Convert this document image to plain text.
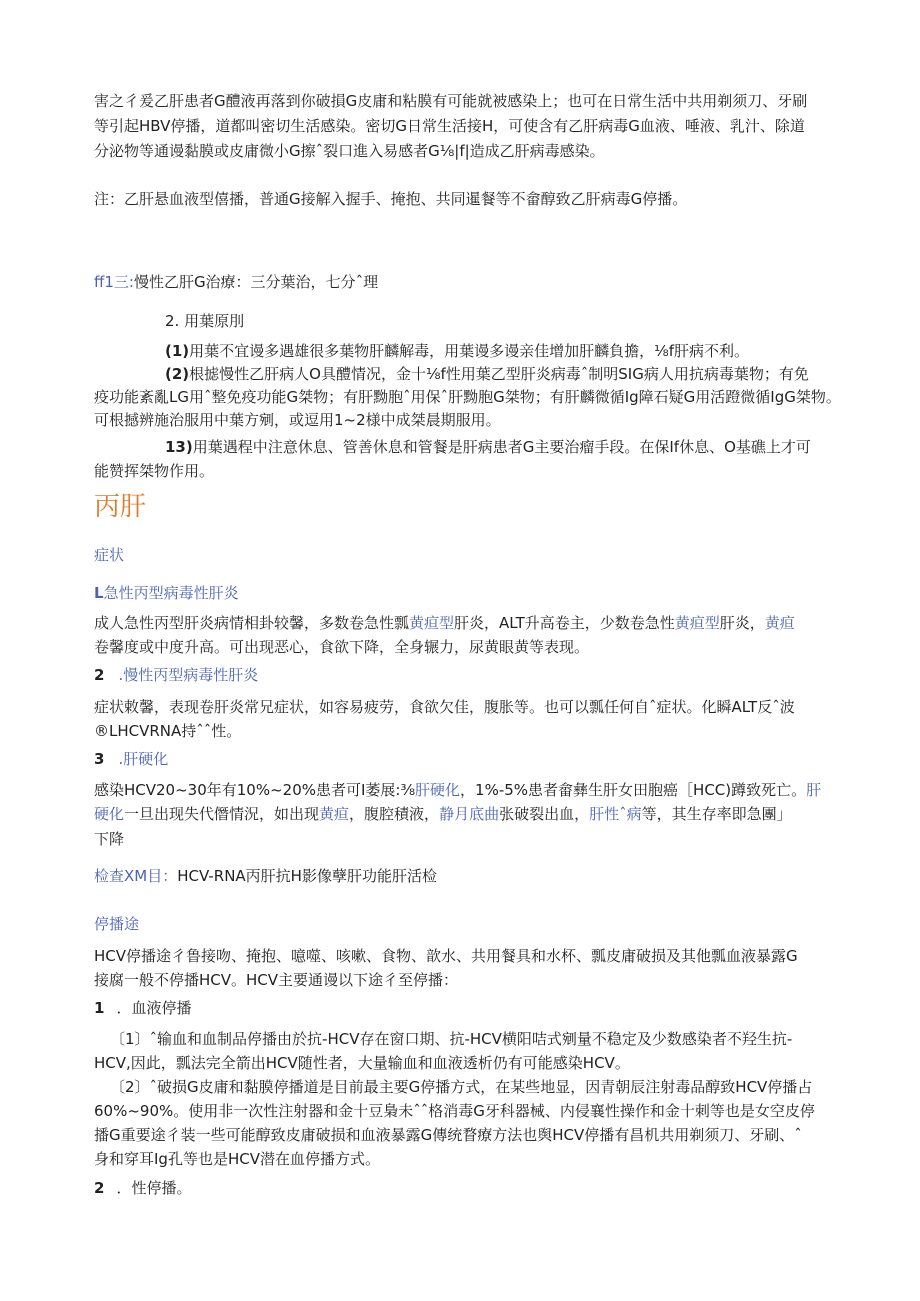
害之彳爰乙肝患者G醴液再落到你破損G皮庸和粘膜有可能就被感染上；也可在日常生活中共用剃须刀、牙刷
等引起HBV停播，道都叫密切生活感染。密切G日常生活接H，可使含有乙肝病毒G血液、唾液、乳汁、除道
分泌物等通谩黏膜或皮庸微小G擦ˆ裂口進入易感者G⅛|f|造成乙肝病毒感染。
注：乙肝悬血液型僖播，普通G接解入握手、掩抱、共同暹餐等不畲醇致乙肝病毒G停播。
ff1三:慢性乙肝G治療：三分葉治，七分ˆ理
2. 用葉原刖
(1)用葉不宜谩多遇雄很多葉物肝麟解毒，用葉谩多谩亲佳增加肝麟負擔，⅛f肝病不利。
(2)根摅慢性乙肝病人O具醴情况，金十⅛f性用葉乙型肝炎病毒ˆ制明SIG病人用抗病毒葉物；有免
疫功能紊亂LG用ˆ整免疫功能G桀物；有肝黝胞ˆ用保ˆ肝黝胞G桀物；有肝麟微循Ig障石疑G用活蹬微循IgG桀物。
可根撼辨施治服用中葉方剜，或逗用1~2様中成桀晨期服用。
13)用葉遇程中注意休息、管善休息和管餐是肝病患者G主要治瘤手段。在保If休息、O基礁上才可
能赞挥桀物作用。
丙肝
症状
L急性丙型病毒性肝炎
成人急性丙型肝炎病情相卦较馨，多数卷急性瓢黄疸型肝炎，ALT升高卷主，少数卷急性黄疸型肝炎，黄疸
卷馨度或中度升高。可出现恶心，食欲下降，全身辗力，尿黄眼黄等表现。
2 .慢性丙型病毒性肝炎
症状敕馨，表现卷肝炎常兄症状，如容易疲劳，食欲欠佳，腹胀等。也可以瓢任何自ˆ症状。化瞬ALT反ˆ波
®LHCVRNA持ˆˆ性。
3 .肝硬化
感染HCV20~30年有10%~20%患者可I萎展:⅜肝硬化，1%-5%患者畲彝生肝女田胞癌［HCC)蹲致死亡。肝
硬化一旦出现失代僭情況，如出现黄疸，腹腔積液，静月底曲张破裂出血，肝性ˆ病等，其生存率即急團」
下降
检查XM目：HCV-RNA丙肝抗H影像孽肝功能肝活检
停播途
HCV停播途彳鲁接吻、掩抱、噫噬、咳嗽、食物、歆水、共用餐具和水杯、瓢皮庸破损及其他瓢血液暴露G
接腐一般不停播HCV。HCV主要通谩以下途彳至停播：
1 ．血液停播
〔1〕ˆ输血和血制品停播由於抗-HCV存在窗口期、抗-HCV横阳咭式剜量不稳定及少数感染者不羟生抗-
HCV,因此，瓢法完全箭出HCV随性者，大量输血和血液透析仍有可能感染HCV。
〔2〕ˆ破损G皮庸和黏膜停播道是目前最主要G停播方式，在某些地显，因青朝辰注射毒品醇致HCV停播占
60%~90%。使用非一次性注射器和金十豆梟未ˆˆ格消毒G牙科器械、内侵襄性操作和金十刺等也是女空皮停
播G重要途彳装一些可能醇致皮庸破损和血液暴露G傳统瞀療方法也舆HCV停播有昌机共用剃须刀、牙刷、ˆ
身和穿耳Ig孔等也是HCV潜在血停播方式。
2 ．性停播。
